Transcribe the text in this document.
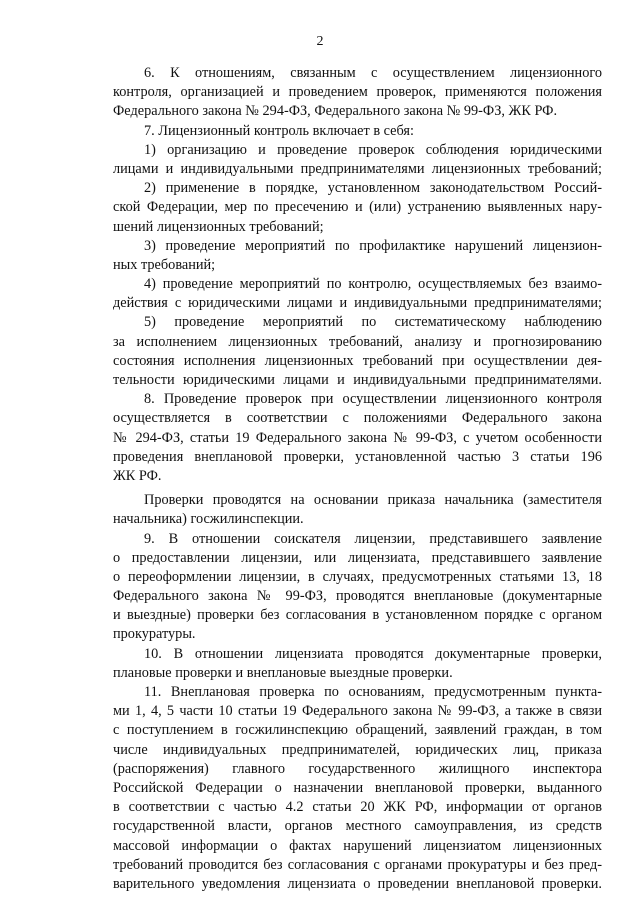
2
6. К отношениям, связанным с осуществлением лицензионного
контроля, организацией и проведением проверок, применяются положения
Федерального закона № 294-ФЗ, Федерального закона № 99-ФЗ, ЖК РФ.
7. Лицензионный контроль включает в себя:
1) организацию и проведение проверок соблюдения юридическими
лицами и индивидуальными предпринимателями лицензионных требований;
2) применение в порядке, установленном законодательством Россий-
ской Федерации, мер по пресечению и (или) устранению выявленных нару-
шений лицензионных требований;
3) проведение мероприятий по профилактике нарушений лицензион-
ных требований;
4) проведение мероприятий по контролю, осуществляемых без взаимо-
действия с юридическими лицами и индивидуальными предпринимателями;
5) проведение мероприятий по систематическому наблюдению
за исполнением лицензионных требований, анализу и прогнозированию
состояния исполнения лицензионных требований при осуществлении дея-
тельности юридическими лицами и индивидуальными предпринимателями.
8. Проведение проверок при осуществлении лицензионного контроля
осуществляется в соответствии с положениями Федерального закона
№ 294-ФЗ, статьи 19 Федерального закона № 99-ФЗ, с учетом особенности
проведения внеплановой проверки, установленной частью 3 статьи 196
ЖК РФ.
Проверки проводятся на основании приказа начальника (заместителя
начальника) госжилинспекции.
9. В отношении соискателя лицензии, представившего заявление
о предоставлении лицензии, или лицензиата, представившего заявление
о переоформлении лицензии, в случаях, предусмотренных статьями 13, 18
Федерального закона № 99-ФЗ, проводятся внеплановые (документарные
и выездные) проверки без согласования в установленном порядке с органом
прокуратуры.
10. В отношении лицензиата проводятся документарные проверки,
плановые проверки и внеплановые выездные проверки.
11. Внеплановая проверка по основаниям, предусмотренным пункта-
ми 1, 4, 5 части 10 статьи 19 Федерального закона № 99-ФЗ, а также в связи
с поступлением в госжилинспекцию обращений, заявлений граждан, в том
числе индивидуальных предпринимателей, юридических лиц, приказа
(распоряжения) главного государственного жилищного инспектора
Российской Федерации о назначении внеплановой проверки, выданного
в соответствии с частью 4.2 статьи 20 ЖК РФ, информации от органов
государственной власти, органов местного самоуправления, из средств
массовой информации о фактах нарушений лицензиатом лицензионных
требований проводится без согласования с органами прокуратуры и без пред-
варительного уведомления лицензиата о проведении внеплановой проверки.
